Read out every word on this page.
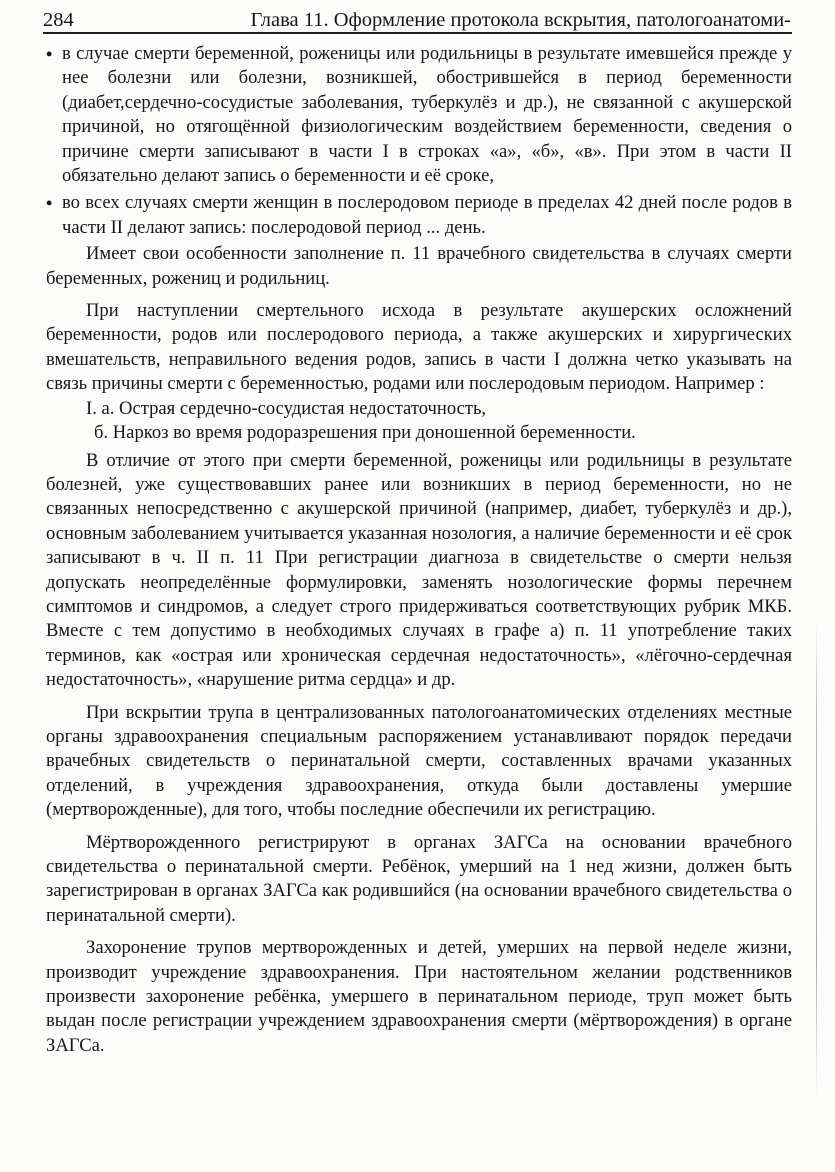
284	Глава 11. Оформление протокола вскрытия, патологоанатоми-
• в случае смерти беременной, роженицы или родильницы в результате имевшейся прежде у нее болезни или болезни, возникшей, обострившейся в период беременности (диабет,сердечно-сосудистые заболевания, туберкулёз и др.), не связанной с акушерской причиной, но отягощённой физиологическим воздействием беременности, сведения о причине смерти записывают в части I в строках «а», «б», «в». При этом в части II обязательно делают запись о беременности и её сроке,
• во всех случаях смерти женщин в послеродовом периоде в пределах 42 дней после родов в части II делают запись: послеродовой период ... день.

Имеет свои особенности заполнение п. 11 врачебного свидетельства в случаях смерти беременных, рожениц и родильниц.

При наступлении смертельного исхода в результате акушерских осложнений беременности, родов или послеродового периода, а также акушерских и хирургических вмешательств, неправильного ведения родов, запись в части I должна четко указывать на связь причины смерти с беременностью, родами или послеродовым периодом. Например :

I. а. Острая сердечно-сосудистая недостаточность,
б. Наркоз во время родоразрешения при доношенной беременности.

В отличие от этого при смерти беременной, роженицы или родильницы в результате болезней, уже существовавших ранее или возникших в период беременности, но не связанных непосредственно с акушерской причиной (например, диабет, туберкулёз и др.), основным заболеванием учитывается указанная нозология, а наличие беременности и её срок записывают в ч. II п. 11 При регистрации диагноза в свидетельстве о смерти нельзя допускать неопределённые формулировки, заменять нозологические формы перечнем симптомов и синдромов, а следует строго придерживаться соответствующих рубрик МКБ. Вместе с тем допустимо в необходимых случаях в графе а) п. 11 употребление таких терминов, как «острая или хроническая сердечная недостаточность», «лёгочно-сердечная недостаточность», «нарушение ритма сердца» и др.

При вскрытии трупа в централизованных патологоанатомических отделениях местные органы здравоохранения специальным распоряжением устанавливают порядок передачи врачебных свидетельств о перинатальной смерти, составленных врачами указанных отделений, в учреждения здравоохранения, откуда были доставлены умершие (мертворожденные), для того, чтобы последние обеспечили их регистрацию.

Мёртворожденного регистрируют в органах ЗАГСа на основании врачебного свидетельства о перинатальной смерти. Ребёнок, умерший на 1 нед жизни, должен быть зарегистрирован в органах ЗАГСа как родившийся (на основании врачебного свидетельства о перинатальной смерти).

Захоронение трупов мертворожденных и детей, умерших на первой неделе жизни, производит учреждение здравоохранения. При настоятельном желании родственников произвести захоронение ребёнка, умершего в перинатальном периоде, труп может быть выдан после регистрации учреждением здравоохранения смерти (мёртворождения) в органе ЗАГСа.
